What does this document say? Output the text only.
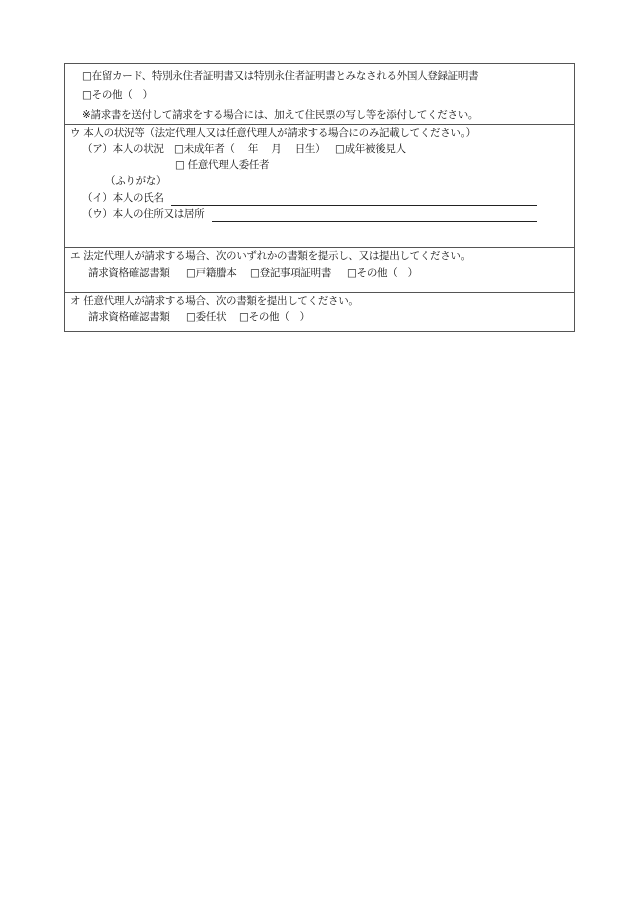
□在留カード、特別永住者証明書又は特別永住者証明書とみなされる外国人登録証明書
□その他（　）
※請求書を送付して請求をする場合には、加えて住民票の写し等を添付してください。
ウ 本人の状況等（法定代理人又は任意代理人が請求する場合にのみ記載してください。）
（ア）本人の状況 □未成年者（　 年　 月　 日生） □成年被後見人
□ 任意代理人委任者
（ふりがな）
（イ）本人の氏名
（ウ）本人の住所又は居所
エ 法定代理人が請求する場合、次のいずれかの書類を提示し、又は提出してください。
請求資格確認書類 □戸籍謄本 □登記事項証明書 □その他（　）
オ 任意代理人が請求する場合、次の書類を提出してください。
請求資格確認書類 □委任状 □その他（　）
